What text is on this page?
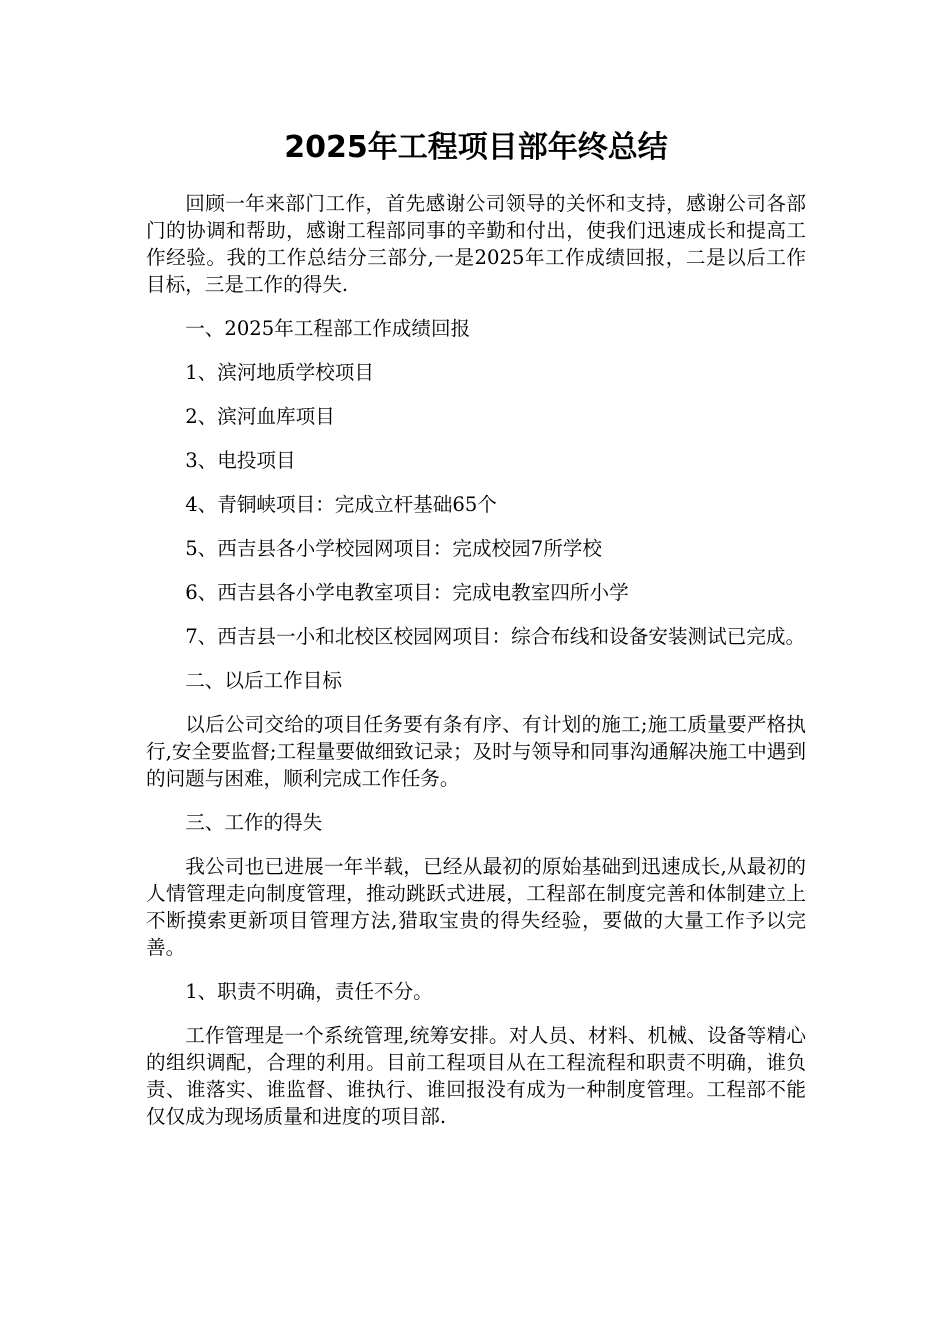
2025年工程项目部年终总结

回顾一年来部门工作，首先感谢公司领导的关怀和支持，感谢公司各部门的协调和帮助，感谢工程部同事的辛勤和付出，使我们迅速成长和提高工作经验。我的工作总结分三部分,一是2025年工作成绩回报，二是以后工作目标，三是工作的得失.

一、2025年工程部工作成绩回报

1、滨河地质学校项目

2、滨河血库项目

3、电投项目

4、青铜峡项目：完成立杆基础65个

5、西吉县各小学校园网项目：完成校园7所学校

6、西吉县各小学电教室项目：完成电教室四所小学

7、西吉县一小和北校区校园网项目：综合布线和设备安装测试已完成。

二、以后工作目标

以后公司交给的项目任务要有条有序、有计划的施工;施工质量要严格执行,安全要监督;工程量要做细致记录；及时与领导和同事沟通解决施工中遇到的问题与困难，顺利完成工作任务。

三、工作的得失

我公司也已进展一年半载，已经从最初的原始基础到迅速成长,从最初的人情管理走向制度管理，推动跳跃式进展，工程部在制度完善和体制建立上不断摸索更新项目管理方法,猎取宝贵的得失经验，要做的大量工作予以完善。

1、职责不明确，责任不分。

工作管理是一个系统管理,统筹安排。对人员、材料、机械、设备等精心的组织调配，合理的利用。目前工程项目从在工程流程和职责不明确，谁负责、谁落实、谁监督、谁执行、谁回报没有成为一种制度管理。工程部不能仅仅成为现场质量和进度的项目部.
